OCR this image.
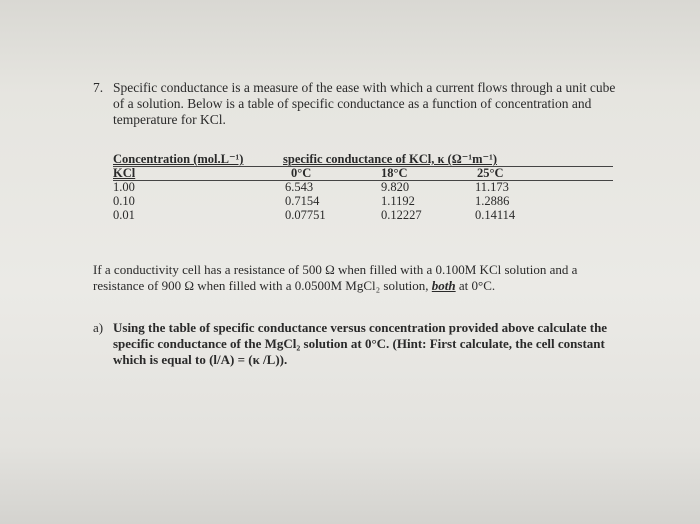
7. Specific conductance is a measure of the ease with which a current flows through a unit cube of a solution. Below is a table of specific conductance as a function of concentration and temperature for KCl.
Concentration (mol.L⁻¹)	specific conductance of KCl, κ (Ω⁻¹m⁻¹)
KCl	0°C	18°C	25°C
1.00	6.543	9.820	11.173
0.10	0.7154	1.1192	1.2886
0.01	0.07751	0.12227	0.14114
If a conductivity cell has a resistance of 500 Ω when filled with a 0.100M KCl solution and a resistance of 900 Ω when filled with a 0.0500M MgCl₂ solution, both at 0°C.
a) Using the table of specific conductance versus concentration provided above calculate the specific conductance of the MgCl₂ solution at 0°C. (Hint: First calculate, the cell constant which is equal to (l/A) = (κ /L)).
